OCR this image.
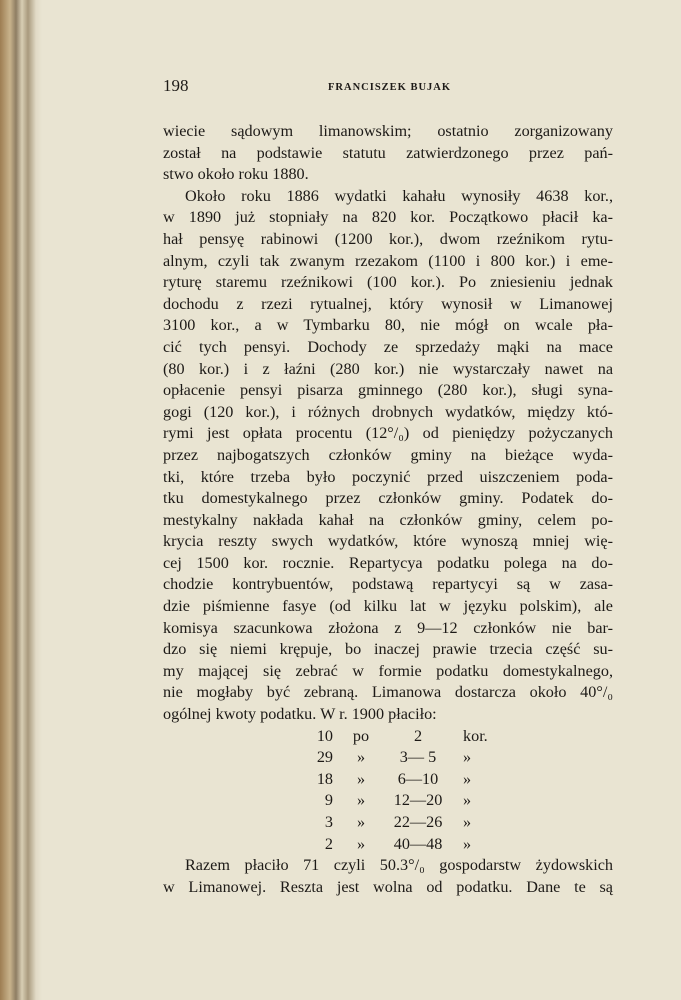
198	FRANCISZEK BUJAK
wiecie sądowym limanowskim; ostatnio zorganizowany
został na podstawie statutu zatwierdzonego przez pań-
stwo około roku 1880.
Około roku 1886 wydatki kahału wynosiły 4638 kor.,
w 1890 już stopniały na 820 kor. Początkowo płacił ka-
hał pensyę rabinowi (1200 kor.), dwom rzeźnikom rytu-
alnym, czyli tak zwanym rzezakom (1100 i 800 kor.) i eme-
ryturę staremu rzeźnikowi (100 kor.). Po zniesieniu jednak
dochodu z rzezi rytualnej, który wynosił w Limanowej
3100 kor., a w Tymbarku 80, nie mógł on wcale pła-
cić tych pensyi. Dochody ze sprzedaży mąki na mace
(80 kor.) i z łaźni (280 kor.) nie wystarczały nawet na
opłacenie pensyi pisarza gminnego (280 kor.), sługi syna-
gogi (120 kor.), i różnych drobnych wydatków, między któ-
rymi jest opłata procentu (12°/₀) od pieniędzy pożyczanych
przez najbogatszych członków gminy na bieżące wyda-
tki, które trzeba było poczynić przed uiszczeniem poda-
tku domestykalnego przez członków gminy. Podatek do-
mestykalny nakłada kahał na członków gminy, celem po-
krycia reszty swych wydatków, które wynoszą mniej wię-
cej 1500 kor. rocznie. Repartycya podatku polega na do-
chodzie kontrybuentów, podstawą repartycyi są w zasa-
dzie piśmienne fasye (od kilku lat w języku polskim), ale
komisya szacunkowa złożona z 9—12 członków nie bar-
dzo się niemi krępuje, bo inaczej prawie trzecia część su-
my mającej się zebrać w formie podatku domestykalnego,
nie mogłaby być zebraną. Limanowa dostarcza około 40°/₀
ogólnej kwoty podatku. W r. 1900 płaciło:
10	po	2	kor.
29	»	3— 5	»
18	»	6—10	»
9	»	12—20	»
3	»	22—26	»
2	»	40—48	»
Razem płaciło 71 czyli 50.3°/₀ gospodarstw żydowskich
w Limanowej. Reszta jest wolna od podatku. Dane te są
